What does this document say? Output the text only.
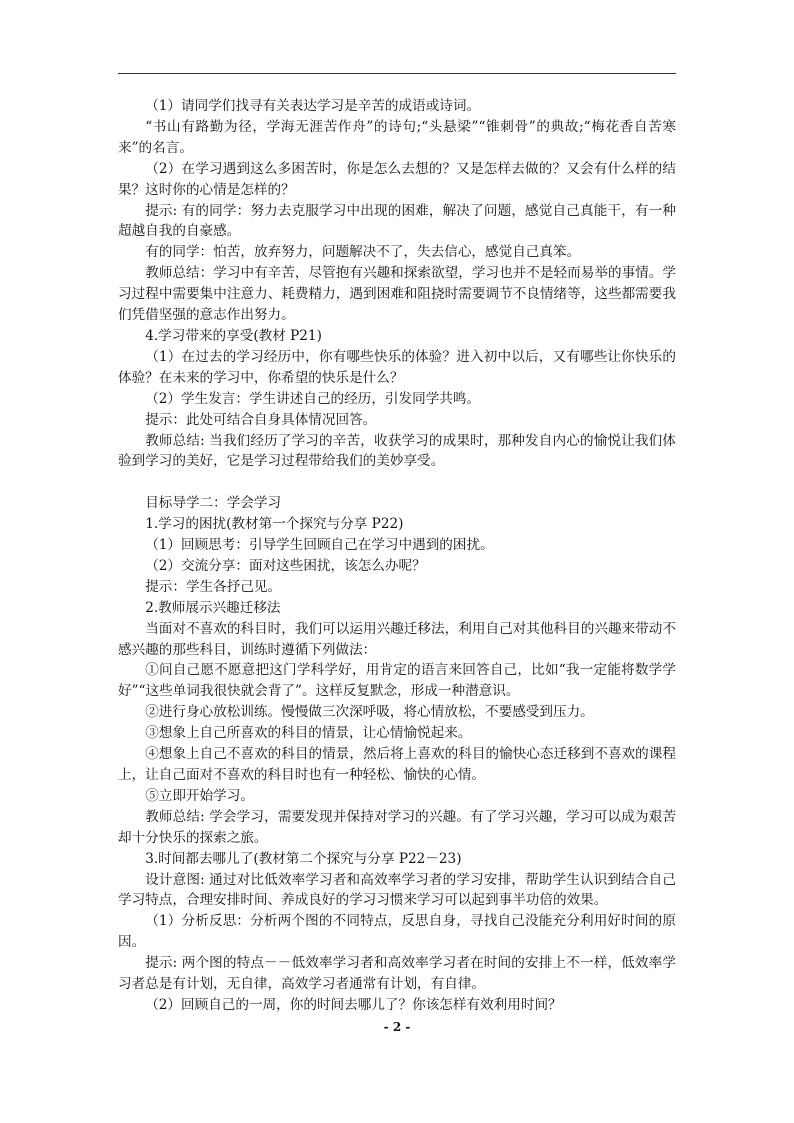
（1）请同学们找寻有关表达学习是辛苦的成语或诗词。

“书山有路勤为径，学海无涯苦作舟”的诗句;“头悬梁”“锥刺骨”的典故;“梅花香自苦寒来”的名言。

（2）在学习遇到这么多困苦时，你是怎么去想的？又是怎样去做的？又会有什么样的结果？这时你的心情是怎样的？

提示: 有的同学：努力去克服学习中出现的困难，解决了问题，感觉自己真能干，有一种超越自我的自豪感。

有的同学：怕苦，放弃努力，问题解决不了，失去信心，感觉自己真笨。

教师总结：学习中有辛苦，尽管抱有兴趣和探索欲望，学习也并不是轻而易举的事情。学习过程中需要集中注意力、耗费精力，遇到困难和阻挠时需要调节不良情绪等，这些都需要我们凭借坚强的意志作出努力。

4.学习带来的享受(教材 P21)

（1）在过去的学习经历中，你有哪些快乐的体验？进入初中以后，又有哪些让你快乐的体验？在未来的学习中，你希望的快乐是什么？

（2）学生发言：学生讲述自己的经历，引发同学共鸣。

提示：此处可结合自身具体情况回答。

教师总结: 当我们经历了学习的辛苦，收获学习的成果时，那种发自内心的愉悦让我们体验到学习的美好，它是学习过程带给我们的美妙享受。

目标导学二：学会学习

1.学习的困扰(教材第一个探究与分享 P22)

（1）回顾思考：引导学生回顾自己在学习中遇到的困扰。

（2）交流分享：面对这些困扰，该怎么办呢？

提示：学生各抒己见。

2.教师展示兴趣迁移法

当面对不喜欢的科目时，我们可以运用兴趣迁移法，利用自己对其他科目的兴趣来带动不感兴趣的那些科目，训练时遵循下列做法：

①问自己愿不愿意把这门学科学好，用肯定的语言来回答自己，比如“我一定能将数学学好”“这些单词我很快就会背了”。这样反复默念，形成一种潜意识。

②进行身心放松训练。慢慢做三次深呼吸，将心情放松，不要感受到压力。

③想象上自己所喜欢的科目的情景，让心情愉悦起来。

④想象上自己不喜欢的科目的情景，然后将上喜欢的科目的愉快心态迁移到不喜欢的课程上，让自己面对不喜欢的科目时也有一种轻松、愉快的心情。

⑤立即开始学习。

教师总结: 学会学习，需要发现并保持对学习的兴趣。有了学习兴趣，学习可以成为艰苦却十分快乐的探索之旅。

3.时间都去哪儿了(教材第二个探究与分享 P22－23)

设计意图: 通过对比低效率学习者和高效率学习者的学习安排，帮助学生认识到结合自己学习特点，合理安排时间、养成良好的学习习惯来学习可以起到事半功倍的效果。

（1）分析反思：分析两个图的不同特点，反思自身，寻找自己没能充分利用好时间的原因。

提示: 两个图的特点－－低效率学习者和高效率学习者在时间的安排上不一样，低效率学习者总是有计划，无自律，高效学习者通常有计划，有自律。

（2）回顾自己的一周，你的时间去哪儿了？你该怎样有效利用时间？

- 2 -
